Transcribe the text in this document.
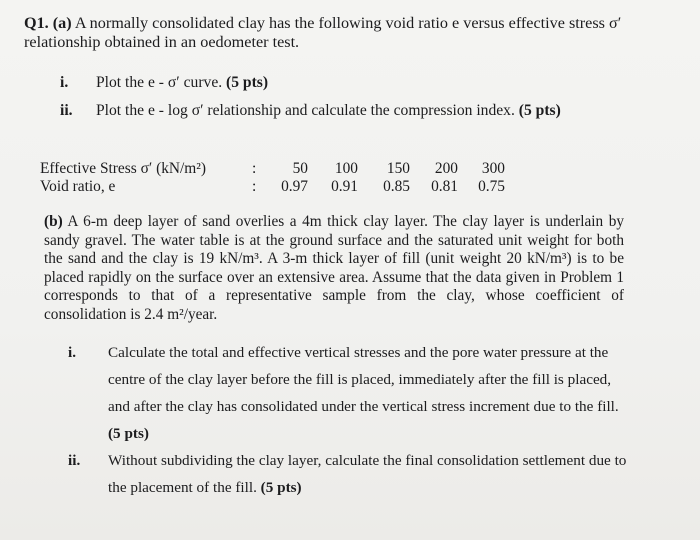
Q1. (a) A normally consolidated clay has the following void ratio e versus effective stress σ′ relationship obtained in an oedometer test.
i. Plot the e - σ′ curve. (5 pts)
ii. Plot the e - log σ′ relationship and calculate the compression index. (5 pts)
Effective Stress σ′ (kN/m²)	:	50	100	150	200	300
Void ratio, e	:	0.97	0.91	0.85	0.81	0.75
(b) A 6-m deep layer of sand overlies a 4m thick clay layer. The clay layer is underlain by sandy gravel. The water table is at the ground surface and the saturated unit weight for both the sand and the clay is 19 kN/m³. A 3-m thick layer of fill (unit weight 20 kN/m³) is to be placed rapidly on the surface over an extensive area. Assume that the data given in Problem 1 corresponds to that of a representative sample from the clay, whose coefficient of consolidation is 2.4 m²/year.
i. Calculate the total and effective vertical stresses and the pore water pressure at the centre of the clay layer before the fill is placed, immediately after the fill is placed, and after the clay has consolidated under the vertical stress increment due to the fill.
(5 pts)
ii. Without subdividing the clay layer, calculate the final consolidation settlement due to the placement of the fill. (5 pts)
